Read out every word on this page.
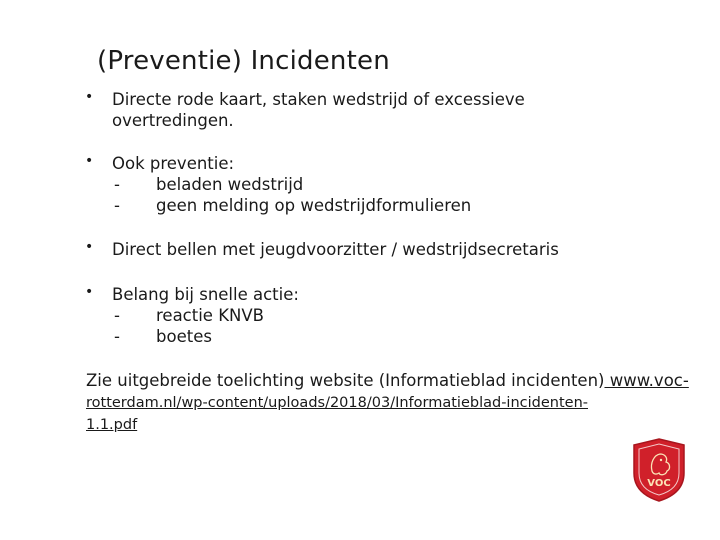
(Preventie) Incidenten
• Directe rode kaart, staken wedstrijd of excessieve
overtredingen.
• Ook preventie:
- beladen wedstrijd
- geen melding op wedstrijdformulieren
• Direct bellen met jeugdvoorzitter / wedstrijdsecretaris
• Belang bij snelle actie:
- reactie KNVB
- boetes
Zie uitgebreide toelichting website (Informatieblad incidenten) www.voc-
rotterdam.nl/wp-content/uploads/2018/03/Informatieblad-incidenten-
1.1.pdf
VOC
